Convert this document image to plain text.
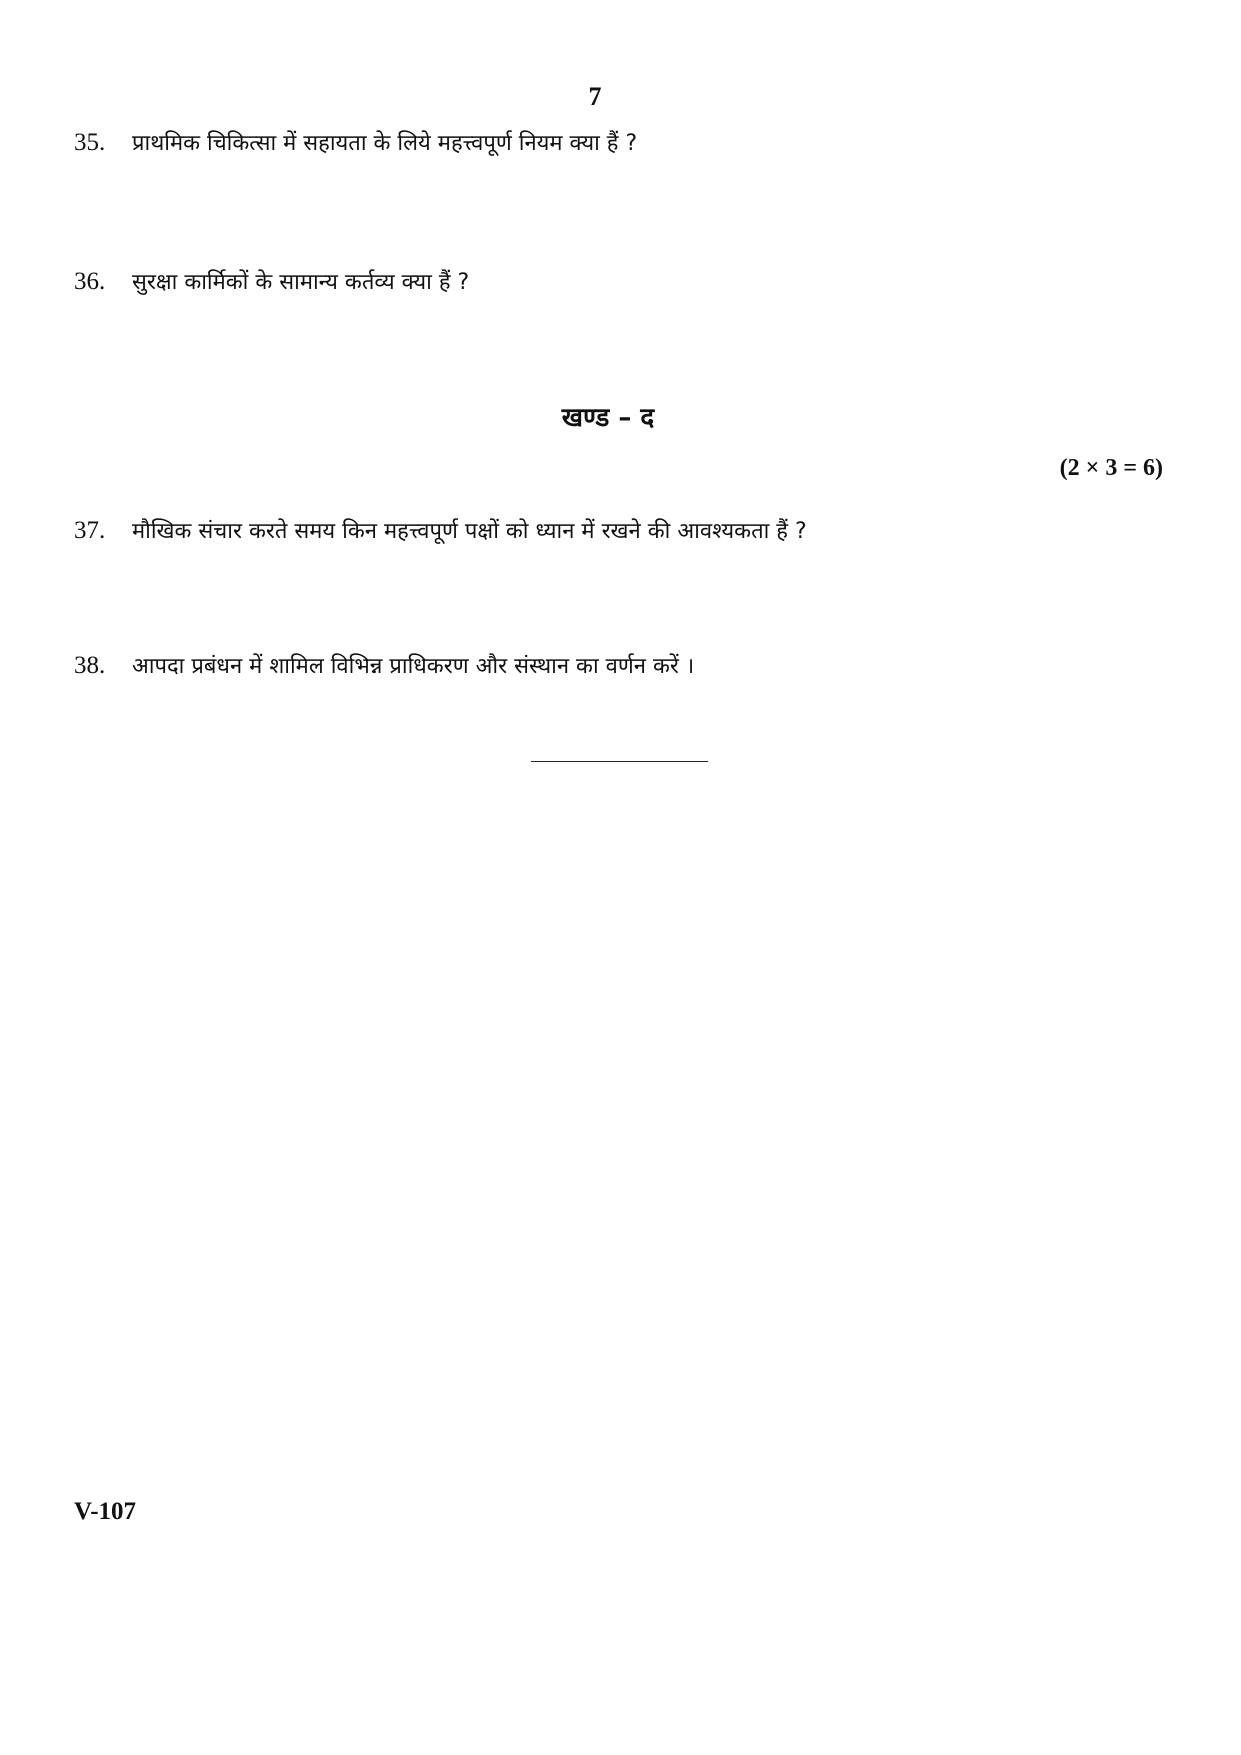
7
35.	प्राथमिक चिकित्सा में सहायता के लिये महत्त्वपूर्ण नियम क्या हैं ?
36.	सुरक्षा कार्मिकों के सामान्य कर्तव्य क्या हैं ?
खण्ड – द
(2 × 3 = 6)
37.	मौखिक संचार करते समय किन महत्त्वपूर्ण पक्षों को ध्यान में रखने की आवश्यकता हैं ?
38.	आपदा प्रबंधन में शामिल विभिन्न प्राधिकरण और संस्थान का वर्णन करें ।
V-107
